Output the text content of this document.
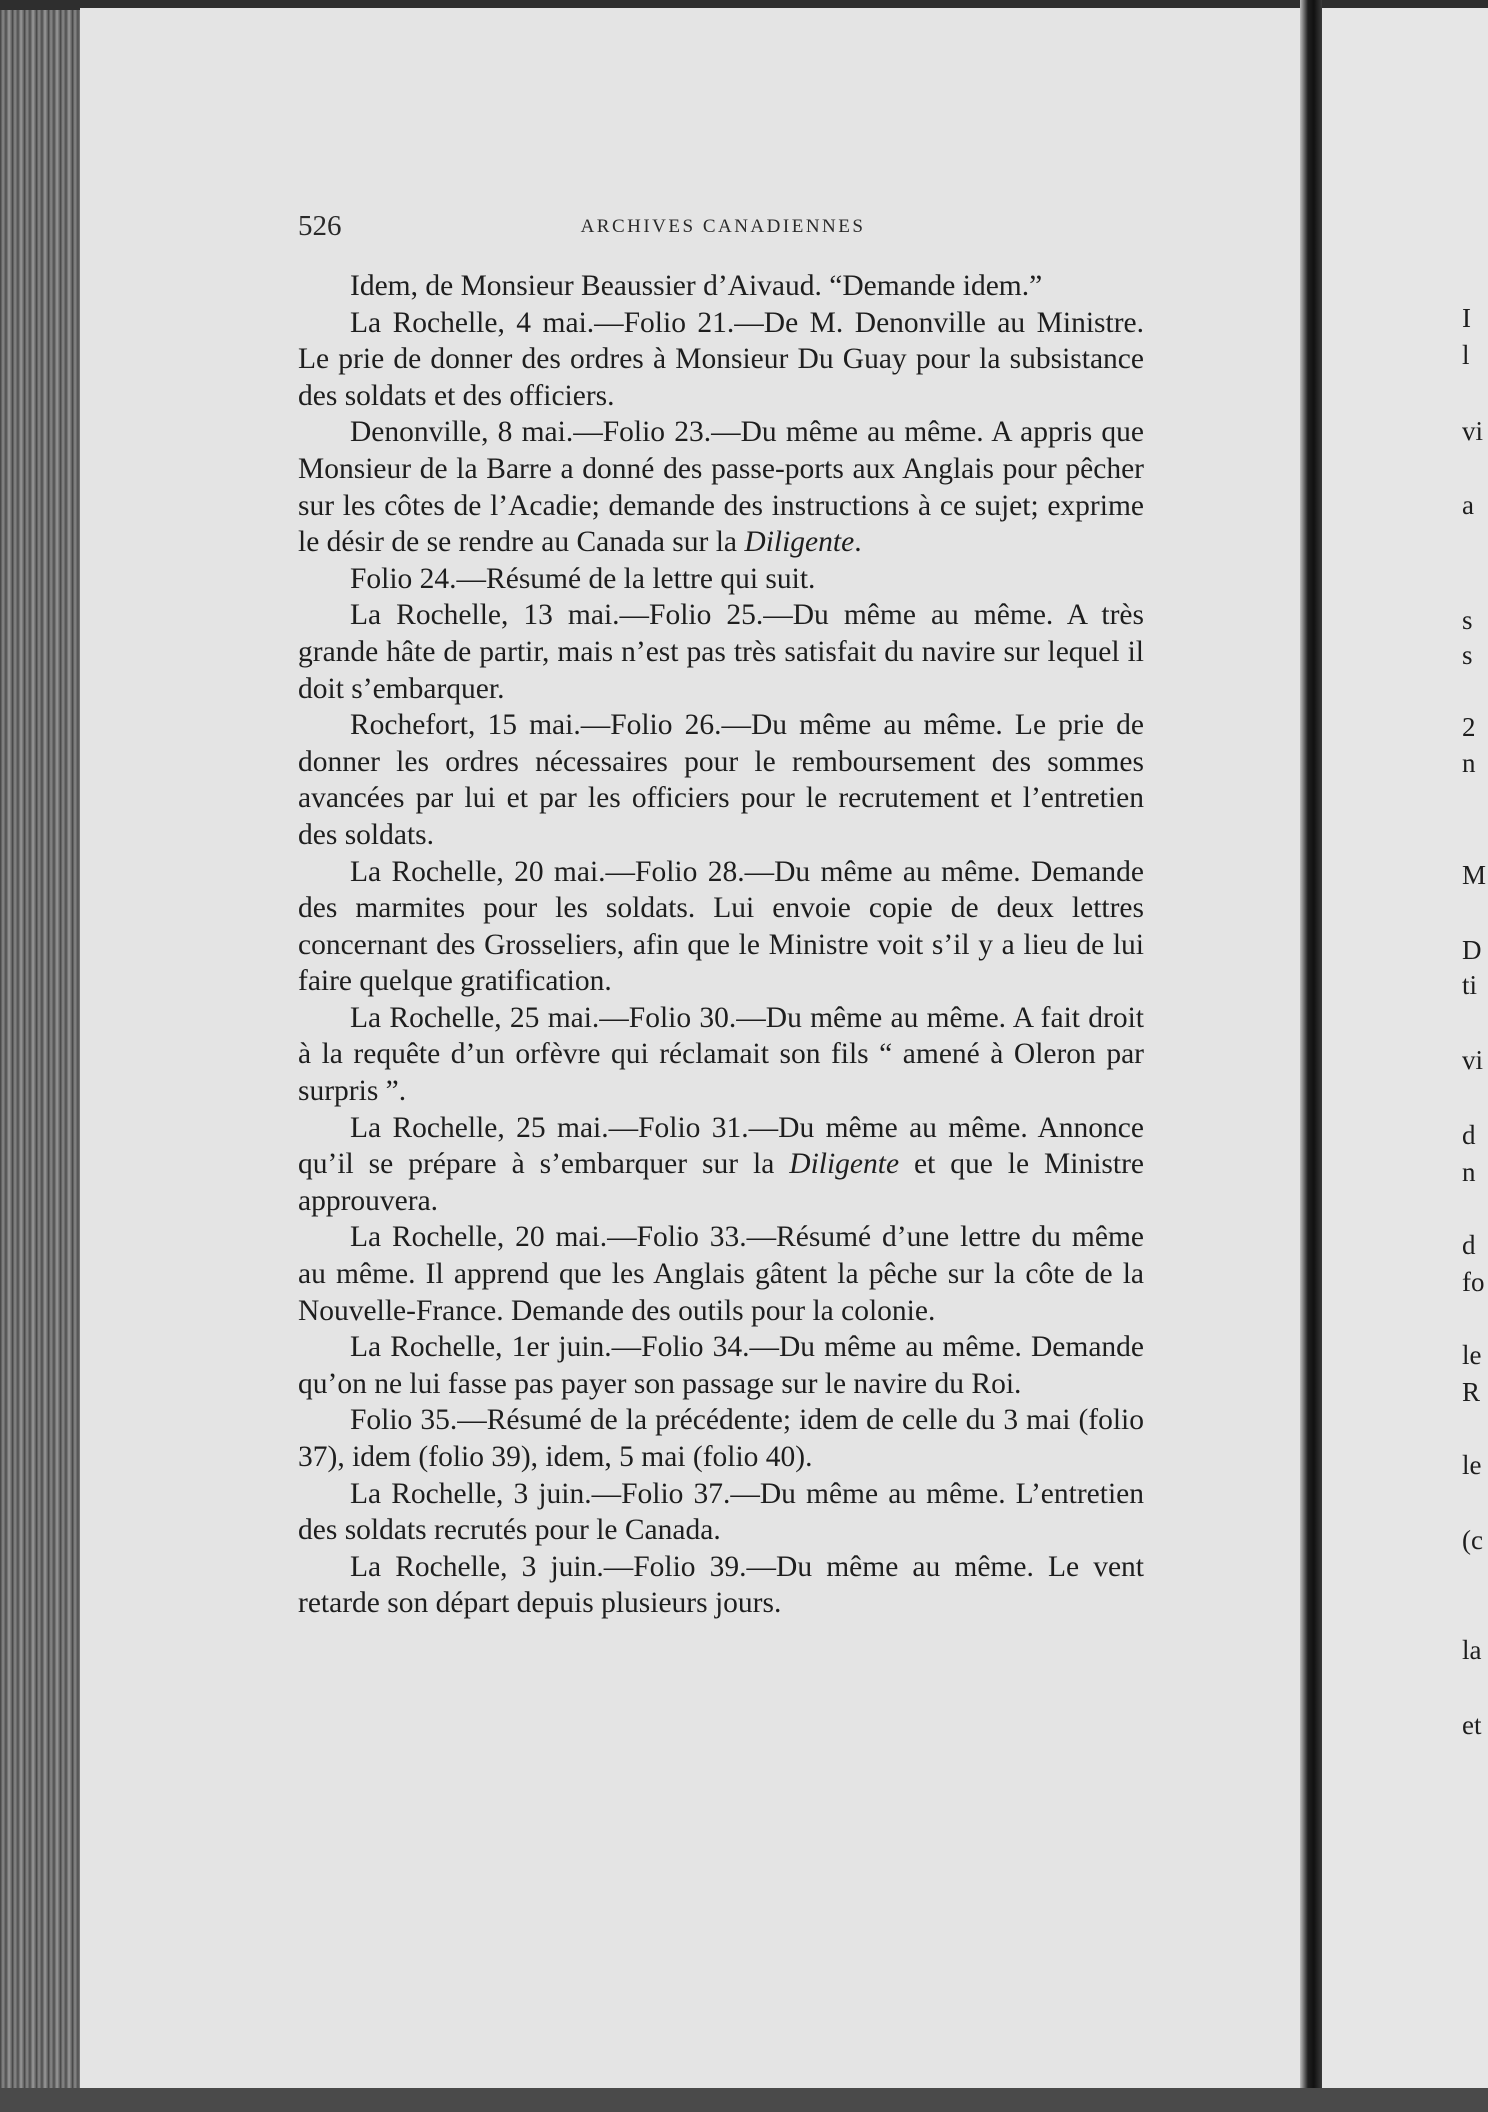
526	ARCHIVES CANADIENNES

Idem, de Monsieur Beaussier d’Aivaud. “Demande idem.”

La Rochelle, 4 mai.—Folio 21.—De M. Denonville au Ministre. Le prie de donner des ordres à Monsieur Du Guay pour la subsistance des soldats et des officiers.

Denonville, 8 mai.—Folio 23.—Du même au même. A appris que Monsieur de la Barre a donné des passe-ports aux Anglais pour pêcher sur les côtes de l’Acadie; demande des instructions à ce sujet; exprime le désir de se rendre au Canada sur la Diligente.

Folio 24.—Résumé de la lettre qui suit.

La Rochelle, 13 mai.—Folio 25.—Du même au même. A très grande hâte de partir, mais n’est pas très satisfait du navire sur lequel il doit s’embarquer.

Rochefort, 15 mai.—Folio 26.—Du même au même. Le prie de donner les ordres nécessaires pour le remboursement des sommes avancées par lui et par les officiers pour le recrutement et l’entretien des soldats.

La Rochelle, 20 mai.—Folio 28.—Du même au même. Demande des marmites pour les soldats. Lui envoie copie de deux lettres concernant des Grosseliers, afin que le Ministre voit s’il y a lieu de lui faire quelque gratification.

La Rochelle, 25 mai.—Folio 30.—Du même au même. A fait droit à la requête d’un orfèvre qui réclamait son fils “ amené à Oleron par surpris ”.

La Rochelle, 25 mai.—Folio 31.—Du même au même. Annonce qu’il se prépare à s’embarquer sur la Diligente et que le Ministre approuvera.

La Rochelle, 20 mai.—Folio 33.—Résumé d’une lettre du même au même. Il apprend que les Anglais gâtent la pêche sur la côte de la Nouvelle-France. Demande des outils pour la colonie.

La Rochelle, 1er juin.—Folio 34.—Du même au même. Demande qu’on ne lui fasse pas payer son passage sur le navire du Roi.

Folio 35.—Résumé de la précédente; idem de celle du 3 mai (folio 37), idem (folio 39), idem, 5 mai (folio 40).

La Rochelle, 3 juin.—Folio 37.—Du même au même. L’entretien des soldats recrutés pour le Canada.

La Rochelle, 3 juin.—Folio 39.—Du même au même. Le vent retarde son départ depuis plusieurs jours.

I
l
vi
a
s
s
2
n
M
D
ti
vi
d
n
d
fo
le
R
le
(c
la
et
